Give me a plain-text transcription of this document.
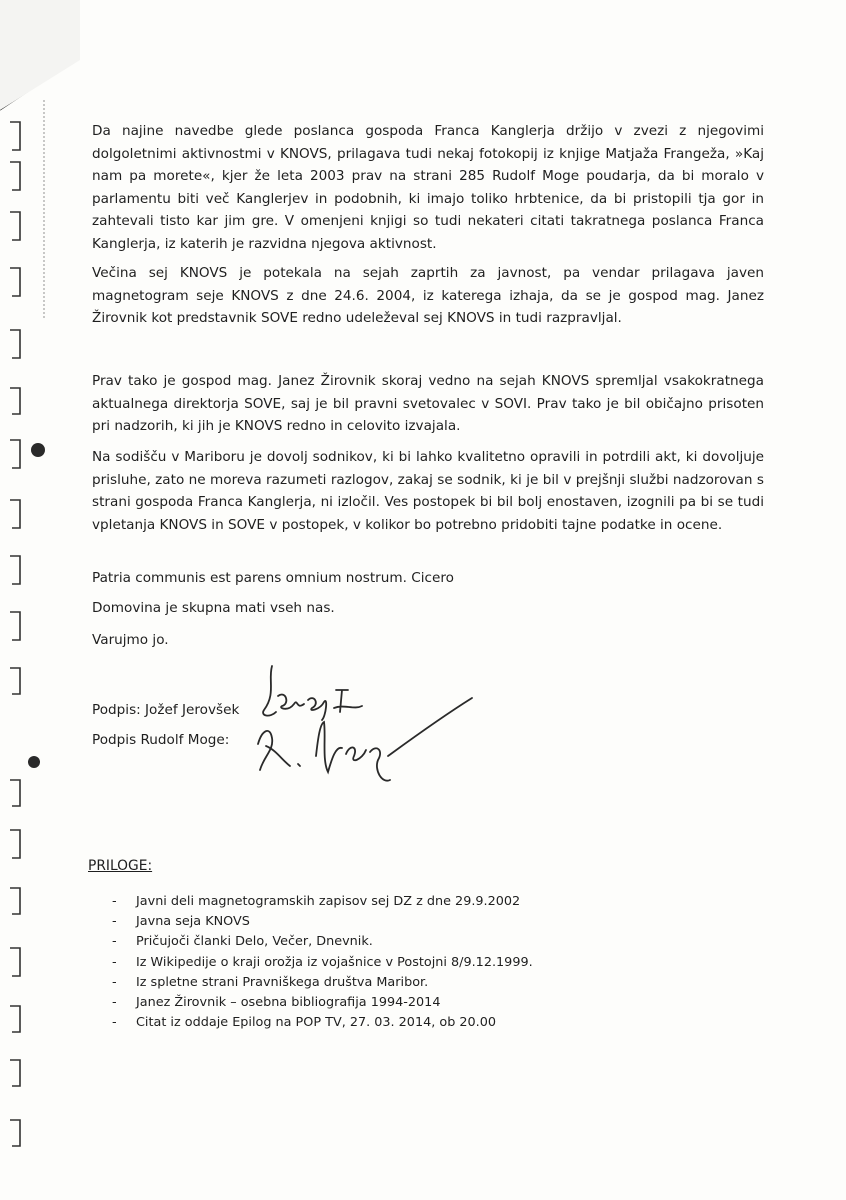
Da najine navedbe glede poslanca gospoda Franca Kanglerja držijo v zvezi z njegovimi dolgoletnimi aktivnostmi v KNOVS, prilagava tudi nekaj fotokopij iz knjige Matjaža Frangeža, »Kaj nam pa morete«, kjer že leta 2003 prav na strani 285 Rudolf Moge poudarja, da bi moralo v parlamentu biti več Kanglerjev in podobnih, ki imajo toliko hrbtenice, da bi pristopili tja gor in zahtevali tisto kar jim gre. V omenjeni knjigi so tudi nekateri citati takratnega poslanca Franca Kanglerja, iz katerih je razvidna njegova aktivnost.

Večina sej KNOVS je potekala na sejah zaprtih za javnost, pa vendar prilagava javen magnetogram seje KNOVS z dne 24.6. 2004, iz katerega izhaja, da se je gospod mag. Janez Žirovnik kot predstavnik SOVE redno udeleževal sej KNOVS in tudi razpravljal.

Prav tako je gospod mag. Janez Žirovnik skoraj vedno na sejah KNOVS spremljal vsakokratnega aktualnega direktorja SOVE, saj je bil pravni svetovalec v SOVI. Prav tako je bil običajno prisoten pri nadzorih, ki jih je KNOVS redno in celovito izvajala.

Na sodišču v Mariboru je dovolj sodnikov, ki bi lahko kvalitetno opravili in potrdili akt, ki dovoljuje prisluhe, zato ne moreva razumeti razlogov, zakaj se sodnik, ki je bil v prejšnji službi nadzorovan s strani gospoda Franca Kanglerja, ni izločil. Ves postopek bi bil bolj enostaven, izognili pa bi se tudi vpletanja KNOVS in SOVE v postopek, v kolikor bo potrebno pridobiti tajne podatke in ocene.

Patria communis est parens omnium nostrum. Cicero

Domovina je skupna mati vseh nas.

Varujmo jo.

Podpis: Jožef Jerovšek

Podpis Rudolf Moge:

PRILOGE:

- Javni deli magnetogramskih zapisov sej DZ z dne 29.9.2002
- Javna seja KNOVS
- Pričujoči članki Delo, Večer, Dnevnik.
- Iz Wikipedije o kraji orožja iz vojašnice v Postojni 8/9.12.1999.
- Iz spletne strani Pravniškega društva Maribor.
- Janez Žirovnik – osebna bibliografija 1994-2014
- Citat iz oddaje Epilog na POP TV, 27. 03. 2014, ob 20.00
